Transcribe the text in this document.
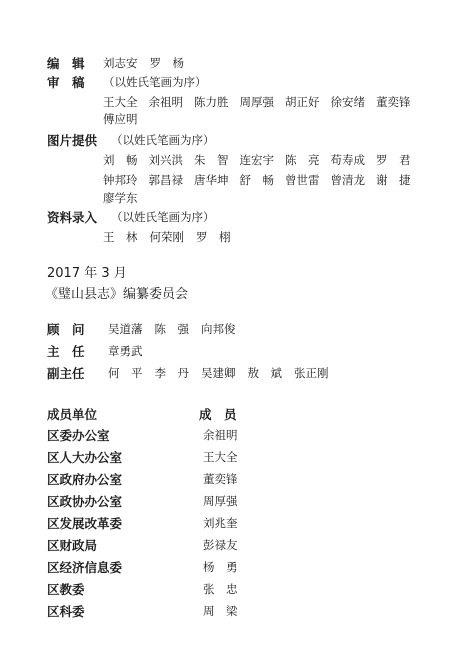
编　辑 刘志安 罗　杨
审　稿 （以姓氏笔画为序）
王大全 余祖明 陈力胜 周厚强 胡正好 徐安绪 董奕锋
傅应明
图片提供 （以姓氏笔画为序）
刘　畅 刘兴洪 朱　智 连宏宇 陈　亮 苟寿成 罗　君
钟邦玲 郭昌禄 唐华坤 舒　畅 曾世雷 曾清龙 谢　捷
廖学东
资料录入 （以姓氏笔画为序）
王　林 何荣刚 罗　栩
2017 年 3 月
《璧山县志》编纂委员会
顾　问 吴道藩 陈　强 向邦俊
主　任 章勇武
副主任 何　平 李　丹 吴建卿 敖　斌 张正刚
成员单位	成　员
区委办公室	余祖明
区人大办公室	王大全
区政府办公室	董奕锋
区政协办公室	周厚强
区发展改革委	刘兆奎
区财政局	彭禄友
区经济信息委	杨　勇
区教委	张　忠
区科委	周　梁
